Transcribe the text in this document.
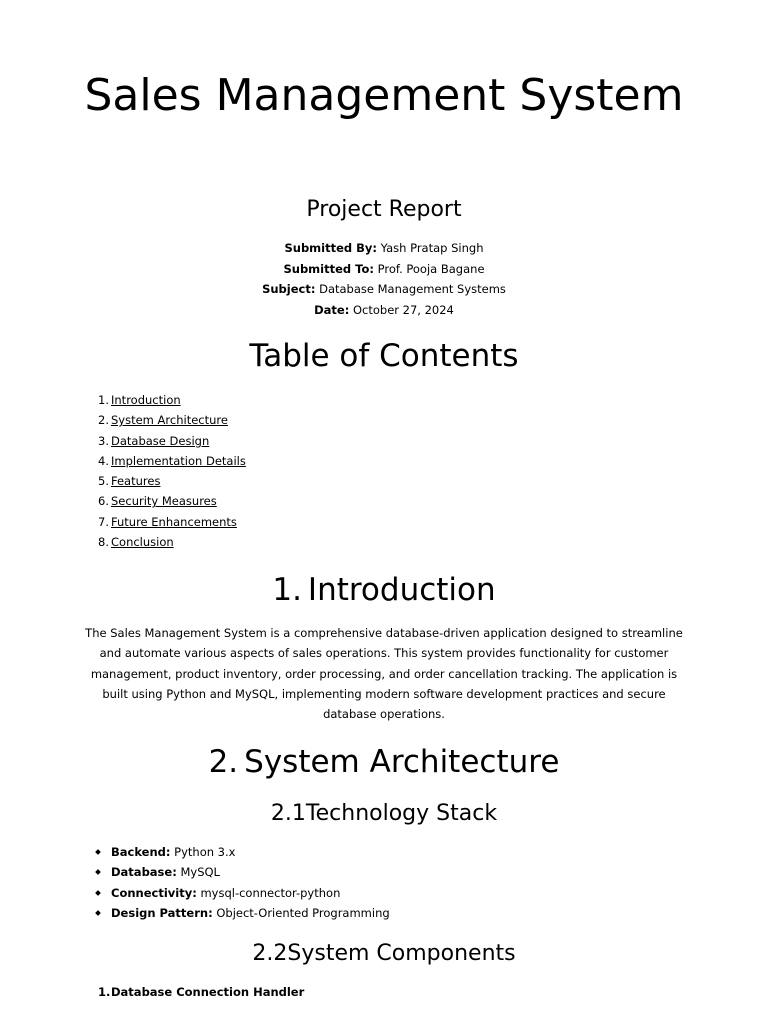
Sales Management System
Project Report
Submitted By: Yash Pratap Singh
Submitted To: Prof. Pooja Bagane
Subject: Database Management Systems
Date: October 27, 2024
Table of Contents
1. Introduction
2. System Architecture
3. Database Design
4. Implementation Details
5. Features
6. Security Measures
7. Future Enhancements
8. Conclusion
1. Introduction

The Sales Management System is a comprehensive database-driven application designed to streamline and automate various aspects of sales operations. This system provides functionality for customer management, product inventory, order processing, and order cancellation tracking. The application is built using Python and MySQL, implementing modern software development practices and secure database operations.

2. System Architecture
2.1Technology Stack
Backend: Python 3.x
Database: MySQL
Connectivity: mysql-connector-python
Design Pattern: Object-Oriented Programming
2.2System Components
1.Database Connection Handler
